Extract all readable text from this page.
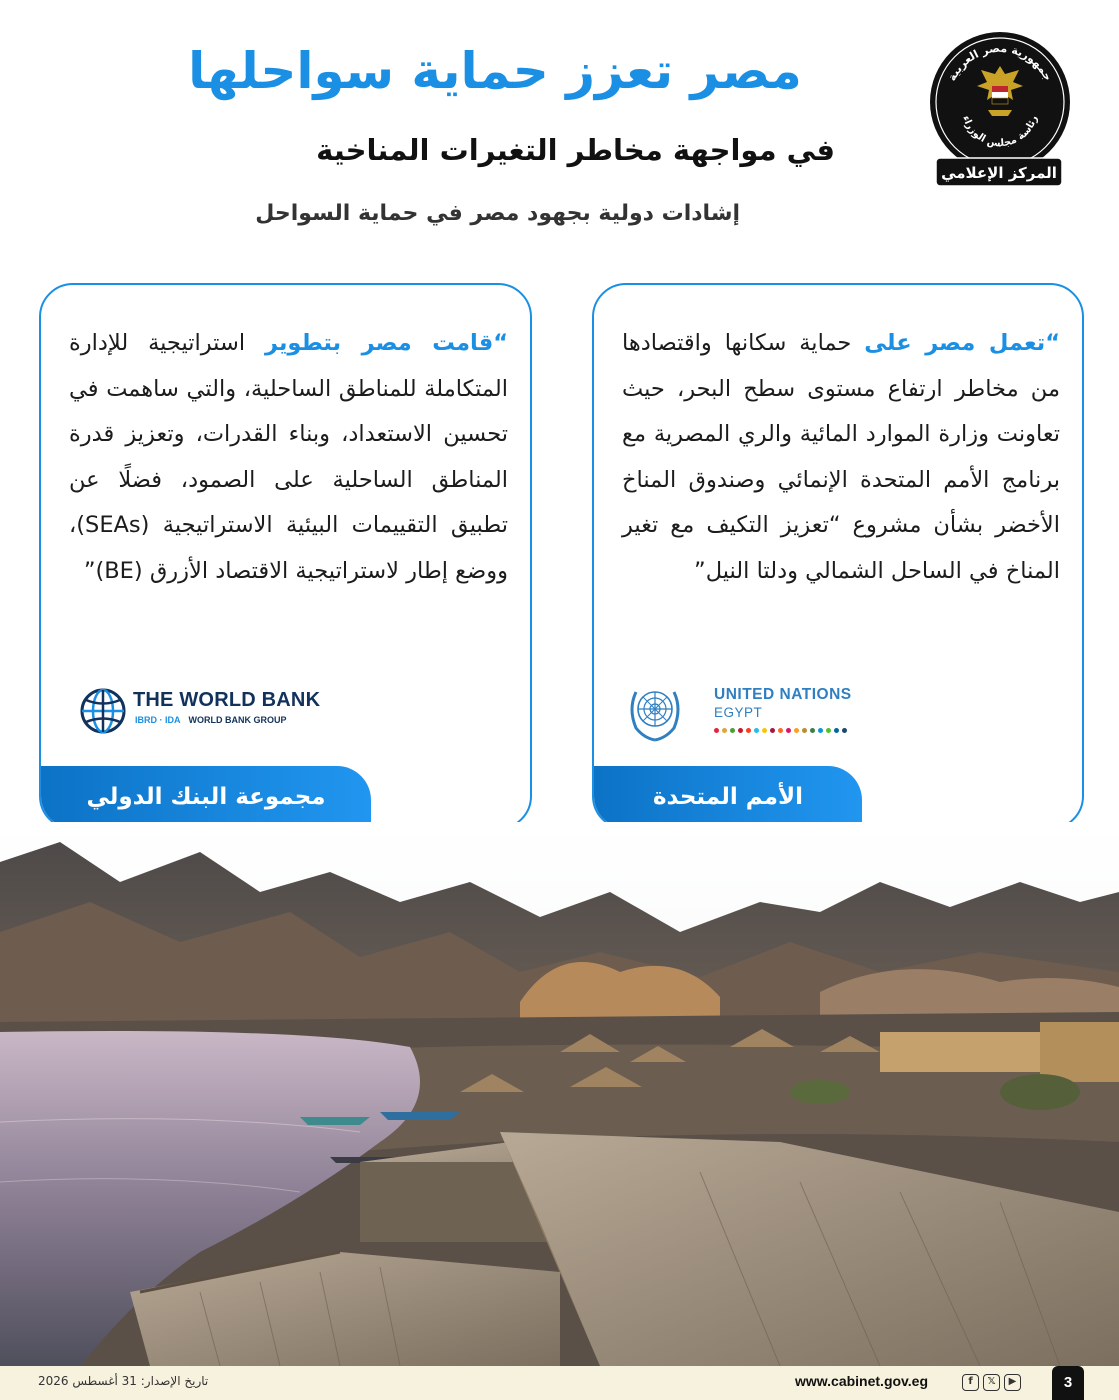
جمهورية مصر العربية
رئاسة مجلس الوزراء
المركز الإعلامي
مصر تعزز حماية سواحلها
في مواجهة مخاطر التغيرات المناخية
إشادات دولية بجهود مصر في حماية السواحل
“قامت مصر بتطوير استراتيجية للإدارة المتكاملة للمناطق الساحلية، والتي ساهمت في تحسين الاستعداد، وبناء القدرات، وتعزيز قدرة المناطق الساحلية على الصمود، فضلًا عن تطبيق التقييمات البيئية الاستراتيجية (SEAs)، ووضع إطار لاستراتيجية الاقتصاد الأزرق (BE)”
THE WORLD BANK
IBRD · IDA WORLD BANK GROUP
مجموعة البنك الدولي
“تعمل مصر على حماية سكانها واقتصادها من مخاطر ارتفاع مستوى سطح البحر، حيث تعاونت وزارة الموارد المائية والري المصرية مع برنامج الأمم المتحدة الإنمائي وصندوق المناخ الأخضر بشأن مشروع “تعزيز التكيف مع تغير المناخ في الساحل الشمالي ودلتا النيل”
UNITED NATIONS
EGYPT
الأمم المتحدة
تاريخ الإصدار: 31 أغسطس 2026	www.cabinet.gov.eg	f	𝕏	▶	3
